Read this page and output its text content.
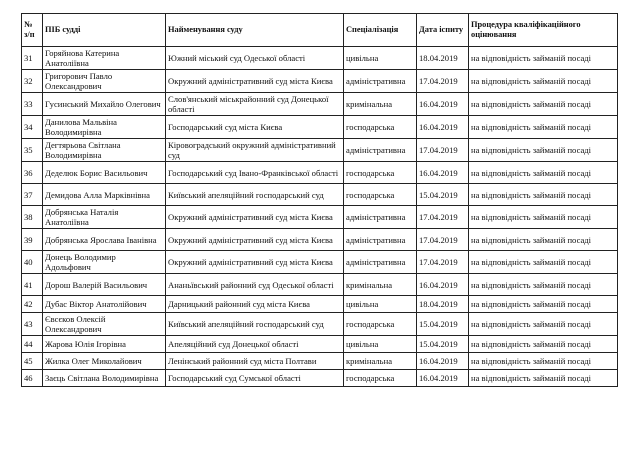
№ з/п	ПІБ судді	Найменування суду	Спеціалізація	Дата іспиту	Процедура кваліфікаційного оцінювання
31	Горяйнова Катерина Анатоліївна	Южний міський суд Одеської області	цивільна	18.04.2019	на відповідність займаній посаді
32	Григорович Павло Олександрович	Окружний адміністративний суд міста Києва	адміністративна	17.04.2019	на відповідність займаній посаді
33	Гусинський Михайло Олегович	Слов'янський міськрайонний суд Донецької області	кримінальна	16.04.2019	на відповідність займаній посаді
34	Данилова Мальвіна Володимирівна	Господарський суд міста Києва	господарська	16.04.2019	на відповідність займаній посаді
35	Дегтярьова Світлана Володимирівна	Кіровоградський окружний адміністративний суд	адміністративна	17.04.2019	на відповідність займаній посаді
36	Деделюк Борис Васильович	Господарський суд Івано-Франківської області	господарська	16.04.2019	на відповідність займаній посаді
37	Демидова Алла Марківнівна	Київський апеляційний господарський суд	господарська	15.04.2019	на відповідність займаній посаді
38	Добрянська Наталія Анатоліївна	Окружний адміністративний суд міста Києва	адміністративна	17.04.2019	на відповідність займаній посаді
39	Добрянська Ярослава Іванівна	Окружний адміністративний суд міста Києва	адміністративна	17.04.2019	на відповідність займаній посаді
40	Донець Володимир Адольфович	Окружний адміністративний суд міста Києва	адміністративна	17.04.2019	на відповідність займаній посаді
41	Дорош Валерій Васильович	Ананьївський районний суд Одеської області	кримінальна	16.04.2019	на відповідність займаній посаді
42	Дубас Віктор Анатолійович	Дарницький районний суд міста Києва	цивільна	18.04.2019	на відповідність займаній посаді
43	Євсєков Олексій Олександрович	Київський апеляційний господарський суд	господарська	15.04.2019	на відповідність займаній посаді
44	Жарова Юлія Ігорівна	Апеляційний суд Донецької області	цивільна	15.04.2019	на відповідність займаній посаді
45	Жилка Олег Миколайович	Ленінський районний суд міста Полтави	кримінальна	16.04.2019	на відповідність займаній посаді
46	Заєць Світлана Володимирівна	Господарський суд Сумської області	господарська	16.04.2019	на відповідність займаній посаді
